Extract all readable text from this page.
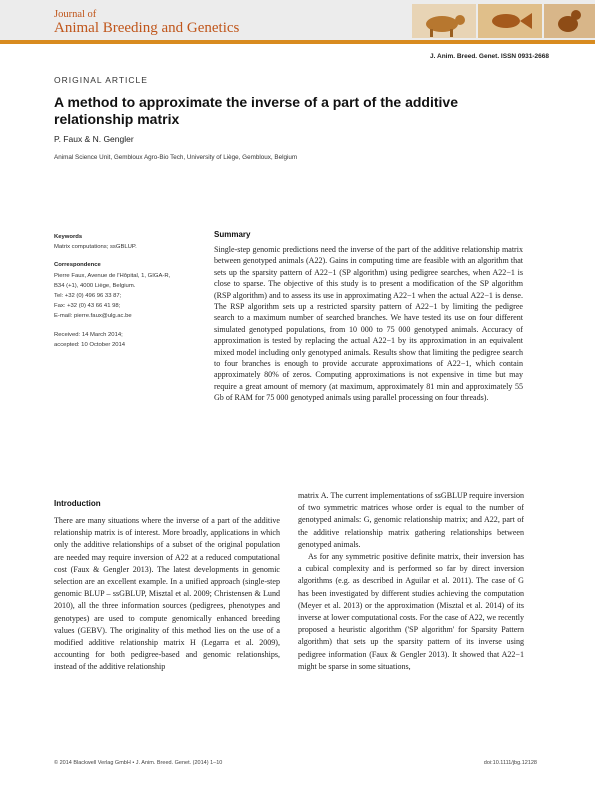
Journal of
Animal Breeding and Genetics
J. Anim. Breed. Genet. ISSN 0931-2668
ORIGINAL ARTICLE
A method to approximate the inverse of a part of the additive relationship matrix
P. Faux & N. Gengler
Animal Science Unit, Gembloux Agro-Bio Tech, University of Liège, Gembloux, Belgium
Keywords
Matrix computations; ssGBLUP.
Correspondence
Pierre Faux, Avenue de l'Hôpital, 1, GIGA-R,
B34 (+1), 4000 Liège, Belgium.
Tel: +32 (0) 496 96 33 87;
Fax: +32 (0) 43 66 41 98;
E-mail: pierre.faux@ulg.ac.be
Received: 14 March 2014;
accepted: 10 October 2014
Summary

Single-step genomic predictions need the inverse of the part of the additive relationship matrix between genotyped animals (A22). Gains in computing time are feasible with an algorithm that sets up the sparsity pattern of A22−1 (SP algorithm) using pedigree searches, when A22−1 is close to sparse. The objective of this study is to present a modification of the SP algorithm (RSP algorithm) and to assess its use in approximating A22−1 when the actual A22−1 is dense. The RSP algorithm sets up a restricted sparsity pattern of A22−1 by limiting the pedigree search to a maximum number of searched branches. We have tested its use on four different simulated genotyped populations, from 10 000 to 75 000 genotyped animals. Accuracy of approximation is tested by replacing the actual A22−1 by its approximation in an equivalent mixed model including only genotyped animals. Results show that limiting the pedigree search to four branches is enough to provide accurate approximations of A22−1, which contain approximately 80% of zeros. Computing approximations is not expensive in time but may require a great amount of memory (at maximum, approximately 81 min and approximately 55 Gb of RAM for 75 000 genotyped animals using parallel processing on four threads).

Introduction

There are many situations where the inverse of a part of the additive relationship matrix is of interest. More broadly, applications in which only the additive relationships of a subset of the original population are needed may require inversion of A22 at a reduced computational cost (Faux & Gengler 2013). The latest developments in genomic selection are an excellent example. In a unified approach (single-step genomic BLUP – ssGBLUP, Misztal et al. 2009; Christensen & Lund 2010), all the three information sources (pedigrees, phenotypes and genotypes) are used to compute genomically enhanced breeding values (GEBV). The originality of this method lies on the use of a modified additive relationship matrix H (Legarra et al. 2009), accounting for both pedigree-based and genomic relationships, instead of the additive relationship

matrix A. The current implementations of ssGBLUP require inversion of two symmetric matrices whose order is equal to the number of genotyped animals: G, genomic relationship matrix; and A22, part of the additive relationship matrix gathering relationships between genotyped animals.

As for any symmetric positive definite matrix, their inversion has a cubical complexity and is performed so far by direct inversion algorithms (e.g. as described in Aguilar et al. 2011). The case of G has been investigated by different studies achieving the computation (Meyer et al. 2013) or the approximation (Misztal et al. 2014) of its inverse at lower computational costs. For the case of A22, we recently proposed a heuristic algorithm ('SP algorithm' for Sparsity Pattern algorithm) that sets up the sparsity pattern of its inverse using pedigree information (Faux & Gengler 2013). It showed that A22−1 might be sparse in some situations,

© 2014 Blackwell Verlag GmbH • J. Anim. Breed. Genet. (2014) 1–10	doi:10.1111/jbg.12128
